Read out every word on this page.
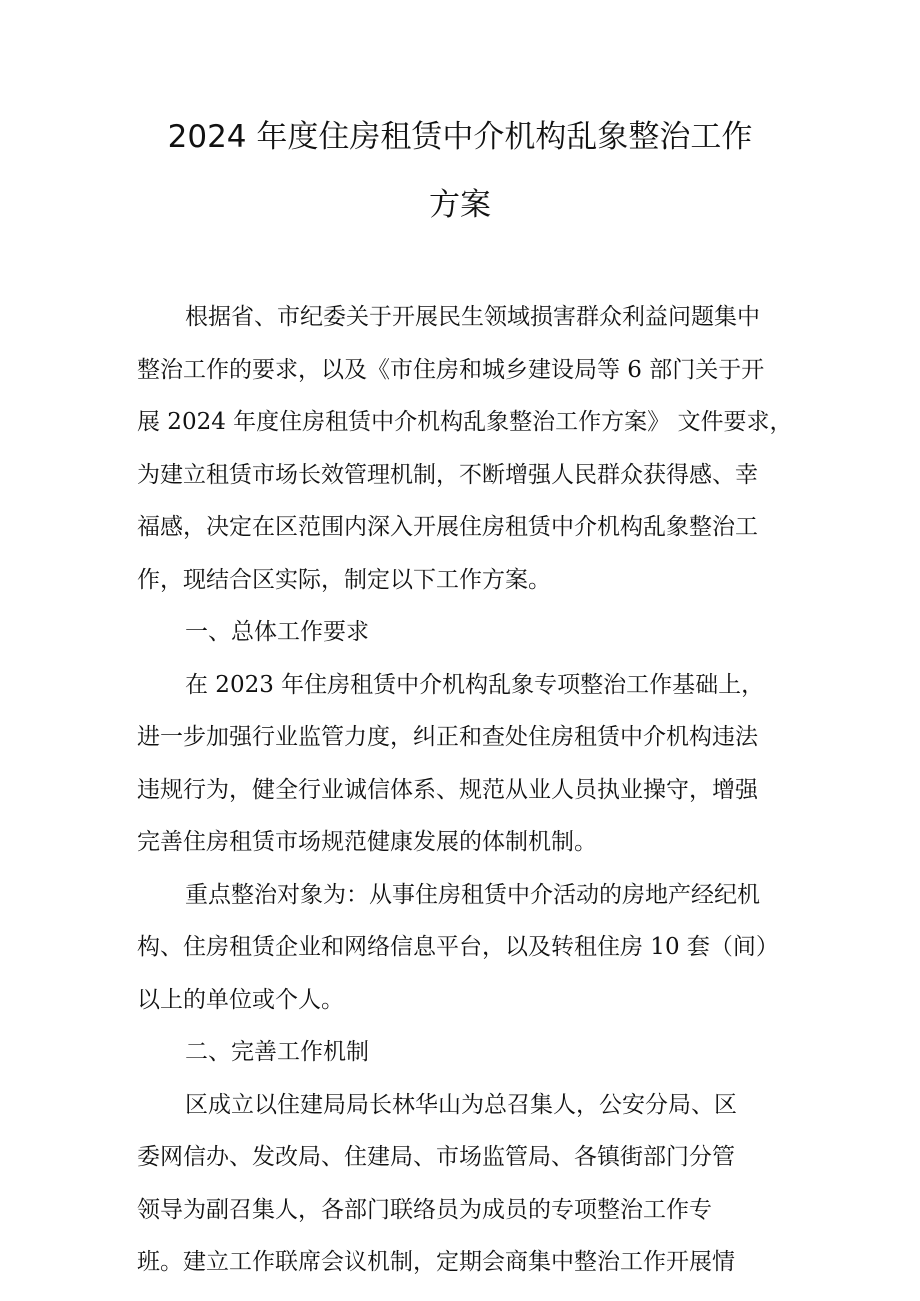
2024 年度住房租赁中介机构乱象整治工作
方案
根据省、市纪委关于开展民生领域损害群众利益问题集中
整治工作的要求，以及《市住房和城乡建设局等 6 部门关于开
展 2024 年度住房租赁中介机构乱象整治工作方案》 文件要求，
为建立租赁市场长效管理机制，不断增强人民群众获得感、幸
福感，决定在区范围内深入开展住房租赁中介机构乱象整治工
作，现结合区实际，制定以下工作方案。
一、总体工作要求
在 2023 年住房租赁中介机构乱象专项整治工作基础上，
进一步加强行业监管力度，纠正和查处住房租赁中介机构违法
违规行为，健全行业诚信体系、规范从业人员执业操守，增强
完善住房租赁市场规范健康发展的体制机制。
重点整治对象为：从事住房租赁中介活动的房地产经纪机
构、住房租赁企业和网络信息平台，以及转租住房 10 套（间）
以上的单位或个人。
二、完善工作机制
区成立以住建局局长林华山为总召集人，公安分局、区
委网信办、发改局、住建局、市场监管局、各镇街部门分管
领导为副召集人，各部门联络员为成员的专项整治工作专
班。建立工作联席会议机制，定期会商集中整治工作开展情
